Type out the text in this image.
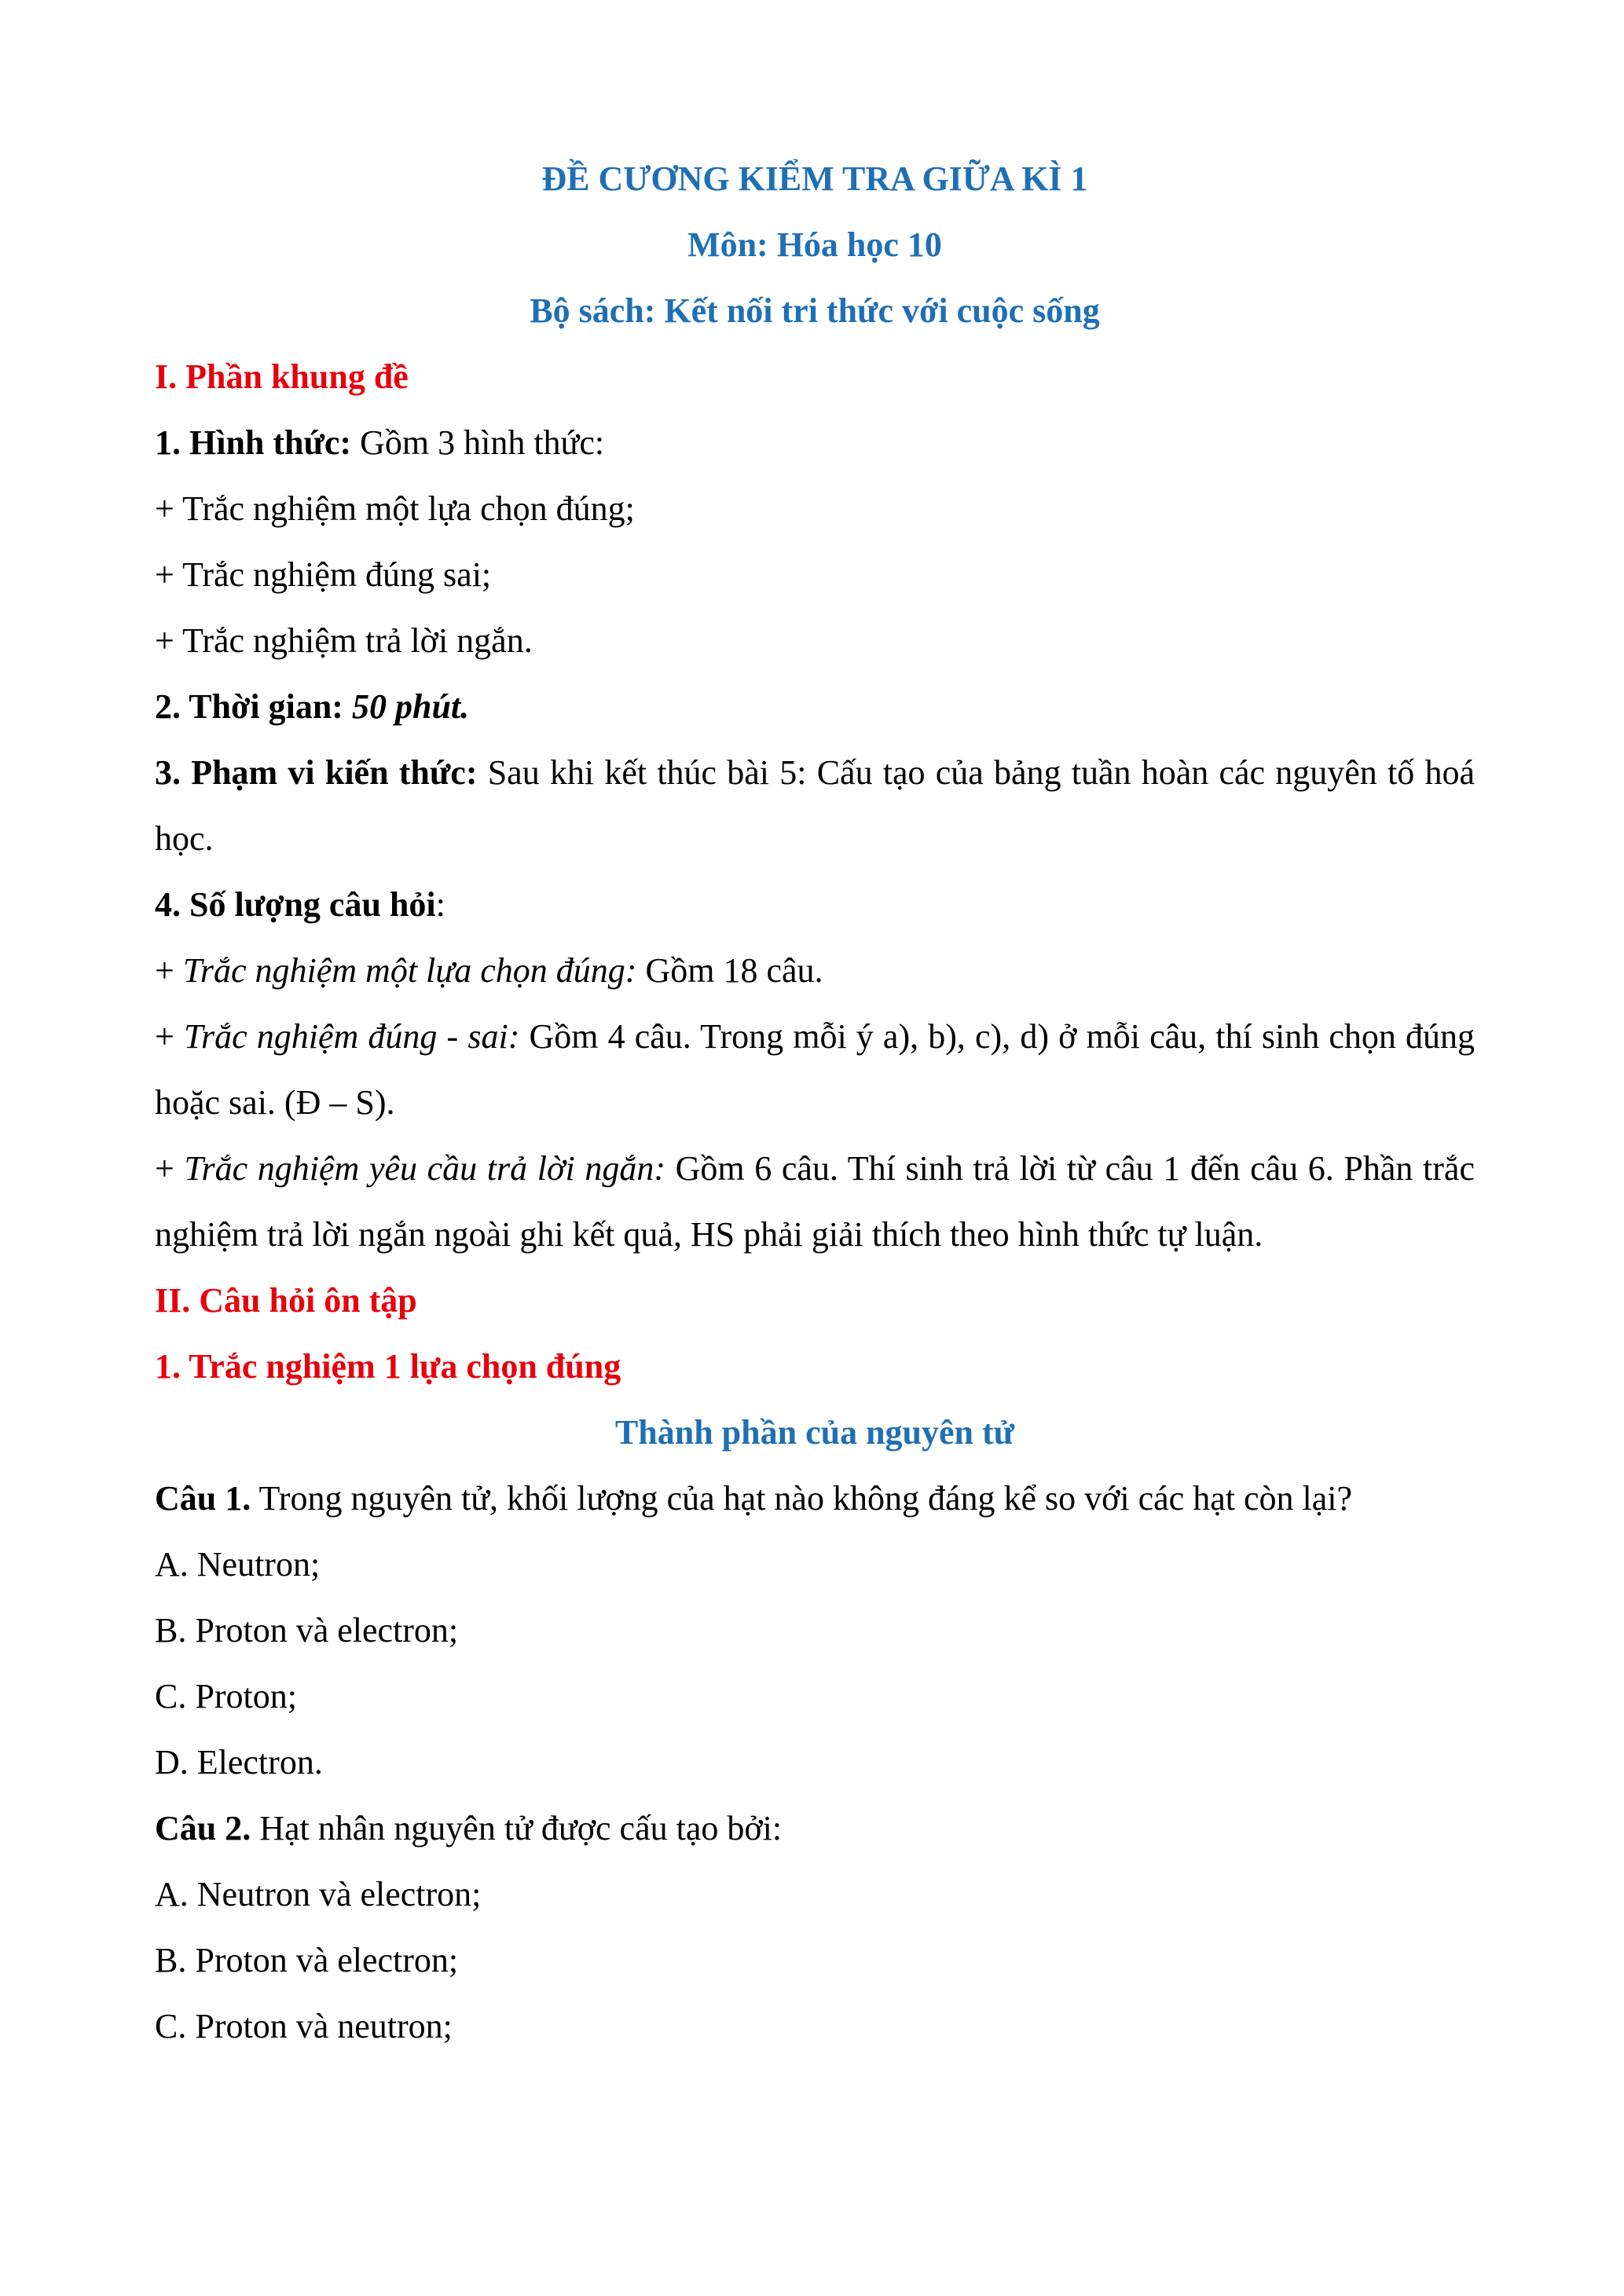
ĐỀ CƯƠNG KIỂM TRA GIỮA KÌ 1

Môn: Hóa học 10

Bộ sách: Kết nối tri thức với cuộc sống

I. Phần khung đề

1. Hình thức: Gồm 3 hình thức:

+ Trắc nghiệm một lựa chọn đúng;

+ Trắc nghiệm đúng sai;

+ Trắc nghiệm trả lời ngắn.

2. Thời gian: 50 phút.

3. Phạm vi kiến thức: Sau khi kết thúc bài 5: Cấu tạo của bảng tuần hoàn các nguyên tố hoá học.

4. Số lượng câu hỏi:

+ Trắc nghiệm một lựa chọn đúng: Gồm 18 câu.

+ Trắc nghiệm đúng - sai: Gồm 4 câu. Trong mỗi ý a), b), c), d) ở mỗi câu, thí sinh chọn đúng hoặc sai. (Đ – S).

+ Trắc nghiệm yêu cầu trả lời ngắn: Gồm 6 câu. Thí sinh trả lời từ câu 1 đến câu 6. Phần trắc nghiệm trả lời ngắn ngoài ghi kết quả, HS phải giải thích theo hình thức tự luận.

II. Câu hỏi ôn tập

1. Trắc nghiệm 1 lựa chọn đúng

Thành phần của nguyên tử

Câu 1. Trong nguyên tử, khối lượng của hạt nào không đáng kể so với các hạt còn lại?

A. Neutron;

B. Proton và electron;

C. Proton;

D. Electron.

Câu 2. Hạt nhân nguyên tử được cấu tạo bởi:

A. Neutron và electron;

B. Proton và electron;

C. Proton và neutron;
